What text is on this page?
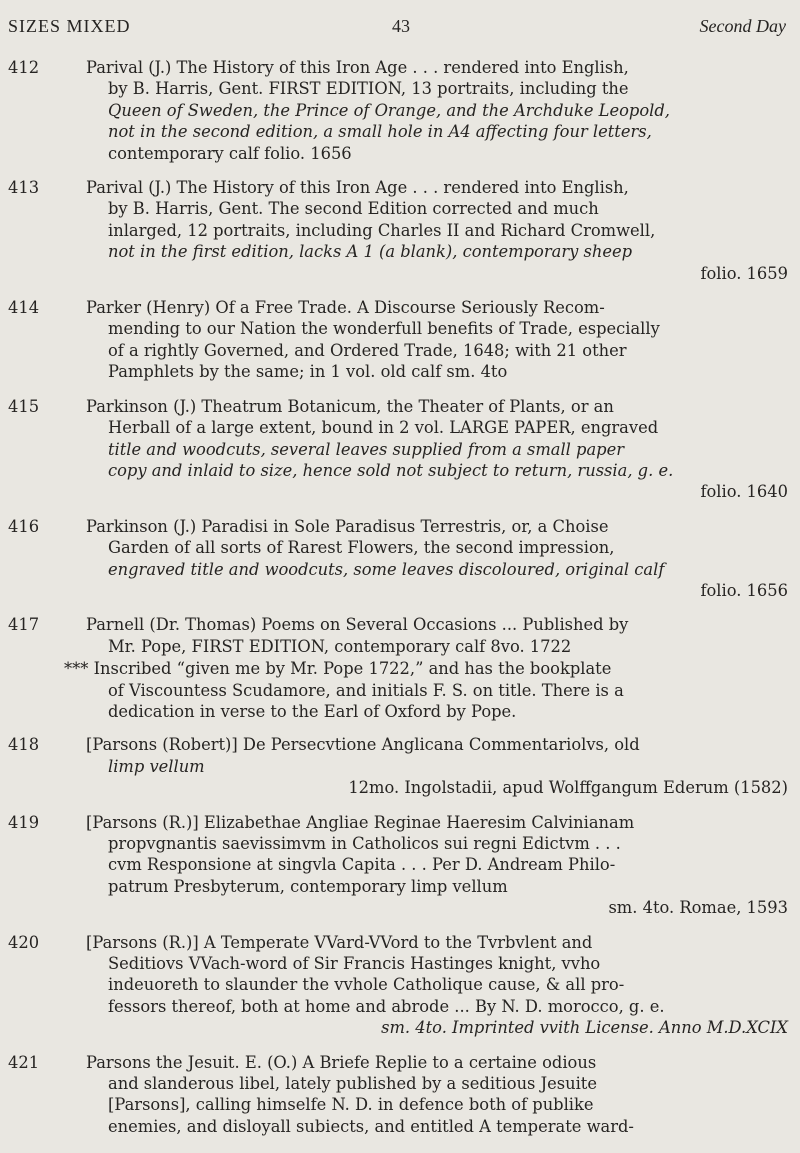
SIZES MIXED	43	Second Day
412	Parival (J.) The History of this Iron Age . . . rendered into English,
by B. Harris, Gent. FIRST EDITION, 13 portraits, including the
Queen of Sweden, the Prince of Orange, and the Archduke Leopold,
not in the second edition, a small hole in A4 affecting four letters,
contemporary calf folio. 1656
413	Parival (J.) The History of this Iron Age . . . rendered into English,
by B. Harris, Gent. The second Edition corrected and much
inlarged, 12 portraits, including Charles II and Richard Cromwell,
not in the first edition, lacks A 1 (a blank), contemporary sheep
folio. 1659
414	Parker (Henry) Of a Free Trade. A Discourse Seriously Recom-
mending to our Nation the wonderfull benefits of Trade, especially
of a rightly Governed, and Ordered Trade, 1648; with 21 other
Pamphlets by the same; in 1 vol. old calf sm. 4to
415	Parkinson (J.) Theatrum Botanicum, the Theater of Plants, or an
Herball of a large extent, bound in 2 vol. LARGE PAPER, engraved
title and woodcuts, several leaves supplied from a small paper
copy and inlaid to size, hence sold not subject to return, russia, g. e.
folio. 1640
416	Parkinson (J.) Paradisi in Sole Paradisus Terrestris, or, a Choise
Garden of all sorts of Rarest Flowers, the second impression,
engraved title and woodcuts, some leaves discoloured, original calf
folio. 1656
417	Parnell (Dr. Thomas) Poems on Several Occasions ... Published by
Mr. Pope, FIRST EDITION, contemporary calf 8vo. 1722
*** Inscribed “given me by Mr. Pope 1722,” and has the bookplate
of Viscountess Scudamore, and initials F. S. on title. There is a
dedication in verse to the Earl of Oxford by Pope.
418	[Parsons (Robert)] De Persecvtione Anglicana Commentariolvs, old
limp vellum
12mo. Ingolstadii, apud Wolffgangum Ederum (1582)
419	[Parsons (R.)] Elizabethae Angliae Reginae Haeresim Calvinianam
propvgnantis saevissimvm in Catholicos sui regni Edictvm . . .
cvm Responsione at singvla Capita . . . Per D. Andream Philo-
patrum Presbyterum, contemporary limp vellum
sm. 4to. Romae, 1593
420	[Parsons (R.)] A Temperate VVard-VVord to the Tvrbvlent and
Seditiovs VVach-word of Sir Francis Hastinges knight, vvho
indeuoreth to slaunder the vvhole Catholique cause, & all pro-
fessors thereof, both at home and abrode ... By N. D. morocco, g. e.
sm. 4to. Imprinted vvith License. Anno M.D.XCIX
421	Parsons the Jesuit. E. (O.) A Briefe Replie to a certaine odious
and slanderous libel, lately published by a seditious Jesuite
[Parsons], calling himselfe N. D. in defence both of publike
enemies, and disloyall subiects, and entitled A temperate ward-
